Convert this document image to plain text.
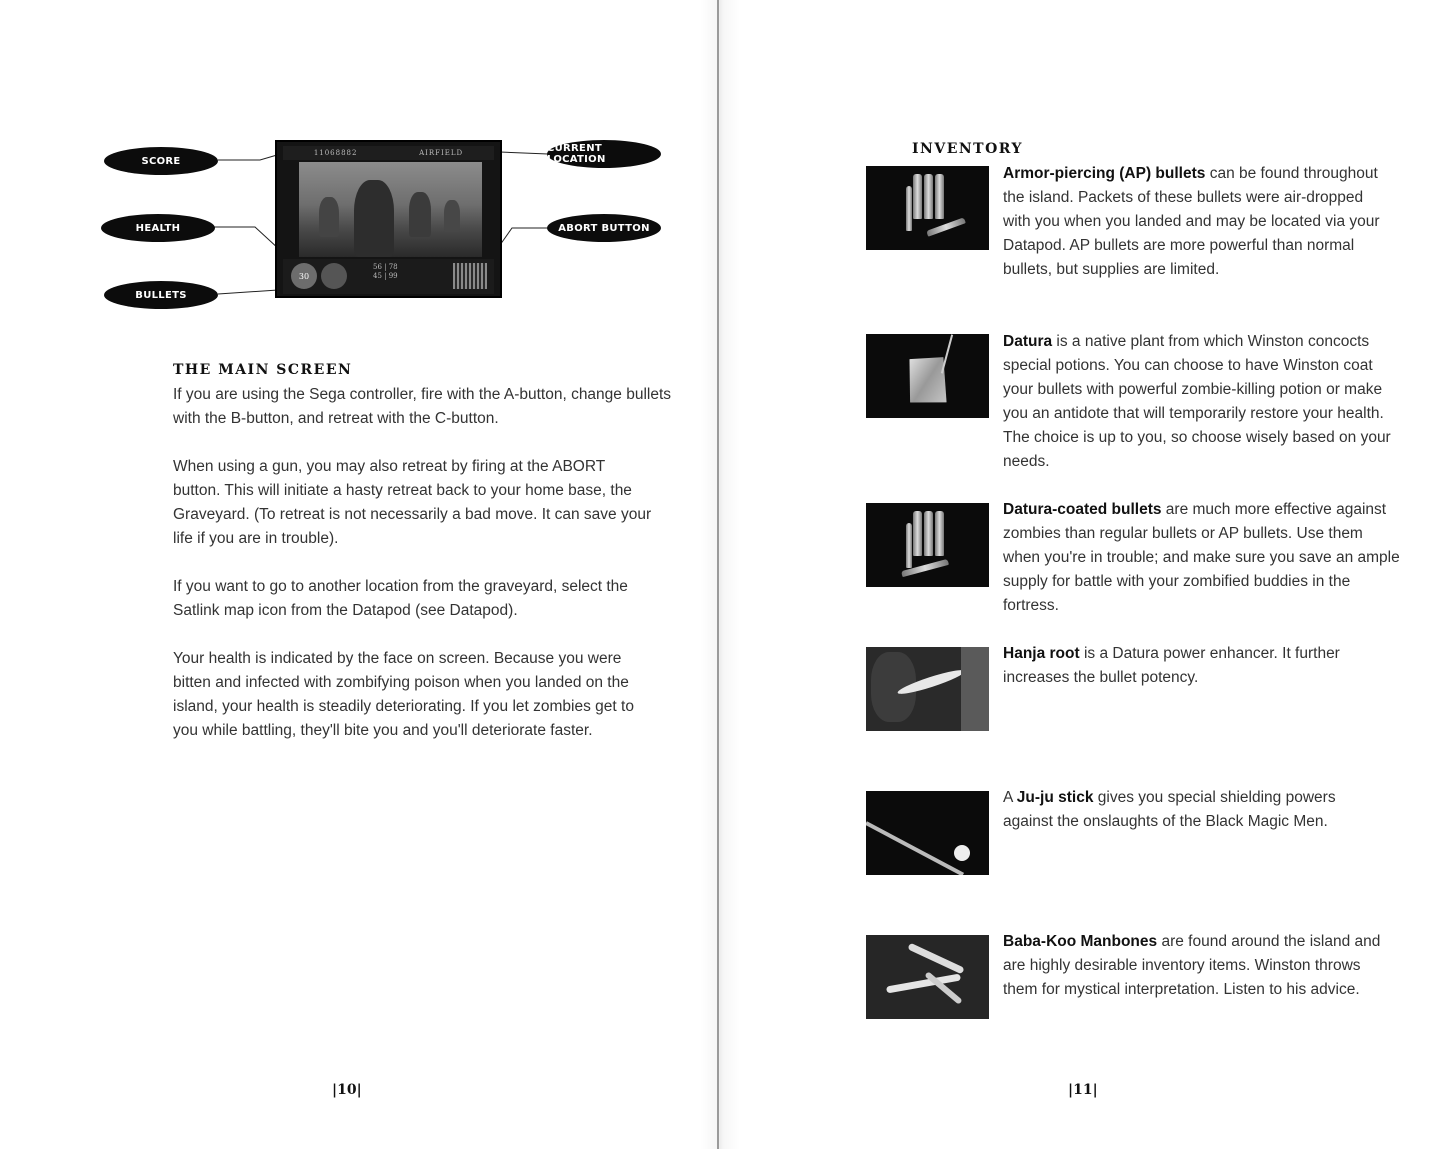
SCORE
HEALTH
BULLETS
CURRENT LOCATION
ABORT BUTTON
11068882	AIRFIELD
30
56 | 78
45 | 99
THE MAIN SCREEN

If you are using the Sega controller, fire with the A-button, change bullets with the B-button, and retreat with the C-button.

When using a gun, you may also retreat by firing at the ABORT button. This will initiate a hasty retreat back to your home base, the Graveyard. (To retreat is not necessarily a bad move. It can save your life if you are in trouble).

If you want to go to another location from the graveyard, select the Satlink map icon from the Datapod (see Datapod).

Your health is indicated by the face on screen. Because you were bitten and infected with zombifying poison when you landed on the island, your health is steadily deteriorating. If you let zombies get to you while battling, they'll bite you and you'll deteriorate faster.

|10|
INVENTORY

Armor-piercing (AP) bullets can be found throughout the island. Packets of these bullets were air-dropped with you when you landed and may be located via your Datapod. AP bullets are more powerful than normal bullets, but supplies are limited.

Datura is a native plant from which Winston concocts special potions. You can choose to have Winston coat your bullets with powerful zombie-killing potion or make you an antidote that will temporarily restore your health. The choice is up to you, so choose wisely based on your needs.

Datura-coated bullets are much more effective against zombies than regular bullets or AP bullets. Use them when you're in trouble; and make sure you save an ample supply for battle with your zombified buddies in the fortress.

Hanja root is a Datura power enhancer. It further increases the bullet potency.

A Ju-ju stick gives you special shielding powers against the onslaughts of the Black Magic Men.

Baba-Koo Manbones are found around the island and are highly desirable inventory items. Winston throws them for mystical interpretation. Listen to his advice.

|11|
